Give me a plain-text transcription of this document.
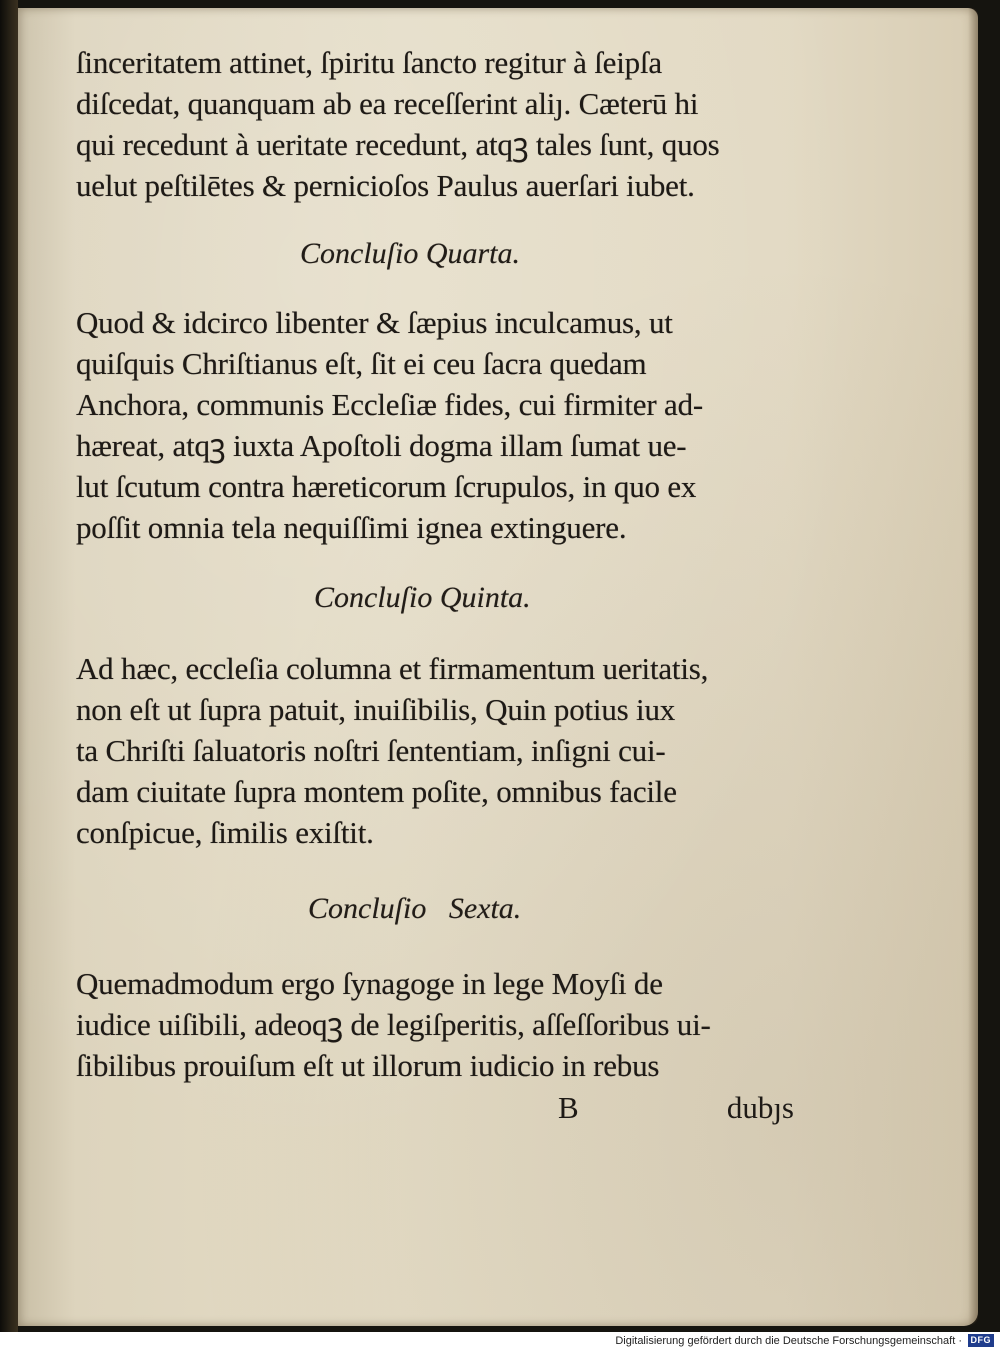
ſinceritatem attinet, ſpiritu ſancto regitur à ſeipſa
diſcedat, quanquam ab ea receſſerint aliȷ. Cæterū hi
qui recedunt à ueritate recedunt, atqꝫ tales ſunt, quos
uelut peſtilētes & pernicioſos Paulus auerſari iubet.
Concluſio Quarta.
Quod & idcirco libenter & ſæpius inculcamus, ut
quiſquis Chriſtianus eſt, ſit ei ceu ſacra quedam
Anchora, communis Eccleſiæ fides, cui firmiter ad-
hæreat, atqꝫ iuxta Apoſtoli dogma illam ſumat ue-
lut ſcutum contra hæreticorum ſcrupulos, in quo ex
poſſit omnia tela nequiſſimi ignea extinguere.
Concluſio Quinta.
Ad hæc, eccleſia columna et firmamentum ueritatis,
non eſt ut ſupra patuit, inuiſibilis, Quin potius iux
ta Chriſti ſaluatoris noſtri ſententiam, inſigni cui-
dam ciuitate ſupra montem poſite, omnibus facile
conſpicue, ſimilis exiſtit.
Concluſio   Sexta.
Quemadmodum ergo ſynagoge in lege Moyſi de
iudice uiſibili, adeoqꝫ de legiſperitis, aſſeſſoribus ui-
ſibilibus prouiſum eſt ut illorum iudicio in rebus
B	dubȷs
Digitalisierung gefördert durch die Deutsche Forschungsgemeinschaft · DFG
